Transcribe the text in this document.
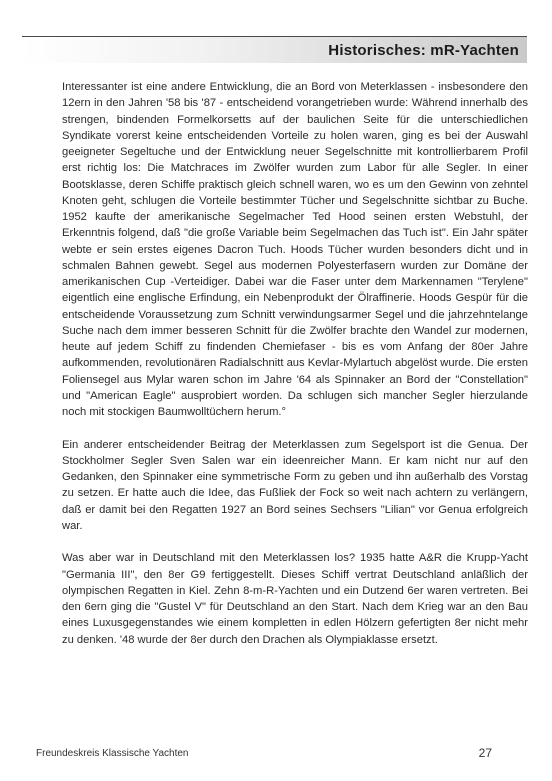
Historisches: mR-Yachten

Interessanter ist eine andere Entwicklung, die an Bord von Meterklassen - insbesondere den 12ern in den Jahren '58 bis '87 - entscheidend vorangetrieben wurde: Während innerhalb des strengen, bindenden Formelkorsetts auf der baulichen Seite für die unterschiedlichen Syndikate vorerst keine entscheidenden Vorteile zu holen waren, ging es bei der Auswahl geeigneter Segeltuche und der Entwicklung neuer Segelschnitte mit kontrollierbarem Profil erst richtig los: Die Matchraces im Zwölfer wurden zum Labor für alle Segler. In einer Bootsklasse, deren Schiffe praktisch gleich schnell waren, wo es um den Gewinn von zehntel Knoten geht, schlugen die Vorteile bestimmter Tücher und Segelschnitte sichtbar zu Buche. 1952 kaufte der amerikanische Segelmacher Ted Hood seinen ersten Webstuhl, der Erkenntnis folgend, daß "die große Variable beim Segelmachen das Tuch ist". Ein Jahr später webte er sein erstes eigenes Dacron Tuch. Hoods Tücher wurden besonders dicht und in schmalen Bahnen gewebt. Segel aus modernen Polyesterfasern wurden zur Domäne der amerikanischen Cup -Verteidiger. Dabei war die Faser unter dem Markennamen "Terylene" eigentlich eine englische Erfindung, ein Nebenprodukt der Ölraffinerie. Hoods Gespür für die entscheidende Voraussetzung zum Schnitt verwindungsarmer Segel und die jahrzehntelange Suche nach dem immer besseren Schnitt für die Zwölfer brachte den Wandel zur modernen, heute auf jedem Schiff zu findenden Chemiefaser - bis es vom Anfang der 80er Jahre aufkommenden, revolutionären Radialschnitt aus Kevlar-Mylartuch abgelöst wurde. Die ersten Foliensegel aus Mylar waren schon im Jahre '64 als Spinnaker an Bord der "Constellation" und "American Eagle" ausprobiert worden. Da schlugen sich mancher Segler hierzulande noch mit stockigen Baumwolltüchern herum.°

Ein anderer entscheidender Beitrag der Meterklassen zum Segelsport ist die Genua. Der Stockholmer Segler Sven Salen war ein ideenreicher Mann. Er kam nicht nur auf den Gedanken, den Spinnaker eine symmetrische Form zu geben und ihn außerhalb des Vorstag zu setzen. Er hatte auch die Idee, das Fußliek der Fock so weit nach achtern zu verlängern, daß er damit bei den Regatten 1927 an Bord seines Sechsers "Lilian" vor Genua erfolgreich war.

Was aber war in Deutschland mit den Meterklassen los? 1935 hatte A&R die Krupp-Yacht "Germania III", den 8er G9 fertiggestellt. Dieses Schiff vertrat Deutschland anläßlich der olympischen Regatten in Kiel. Zehn 8-m-R-Yachten und ein Dutzend 6er waren vertreten. Bei den 6ern ging die "Gustel V" für Deutschland an den Start. Nach dem Krieg war an den Bau eines Luxusgegenstandes wie einem kompletten in edlen Hölzern gefertigten 8er nicht mehr zu denken. '48 wurde der 8er durch den Drachen als Olympiaklasse ersetzt.

Freundeskreis Klassische Yachten	27
